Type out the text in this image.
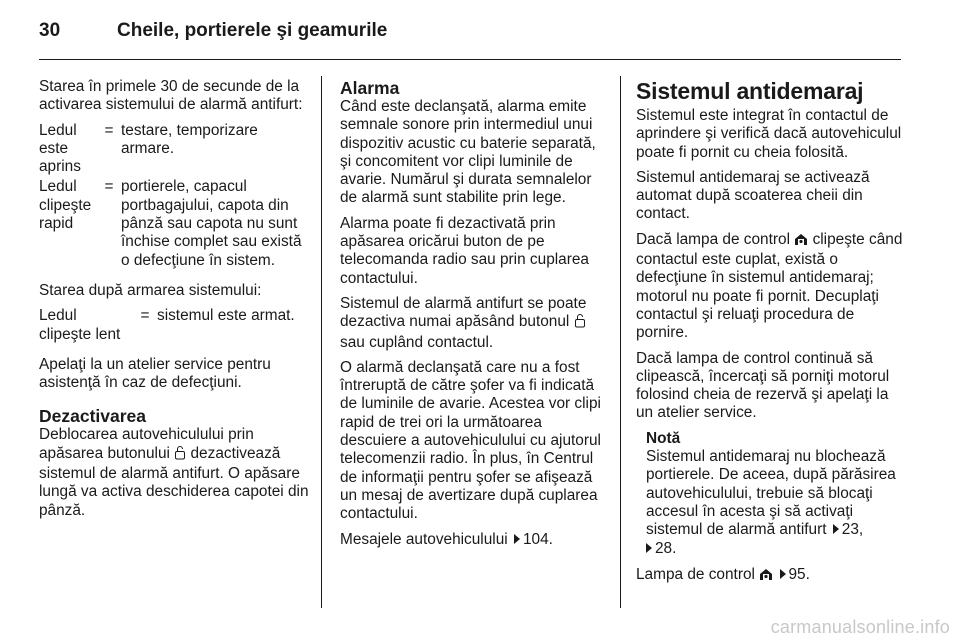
30	Cheile, portierele şi geamurile

Starea în primele 30 de secunde de la activarea sistemului de alarmă antifurt:

Ledul este aprins
= testare, temporizare armare.
Ledul clipeşte rapid
= portierele, capacul portbagajului, capota din pânză sau capota nu sunt închise complet sau există o defecţiune în sistem.

Starea după armarea sistemului:

Ledul clipeşte lent
= sistemul este armat.

Apelaţi la un atelier service pentru asistenţă în caz de defecţiuni.

Dezactivarea

Deblocarea autovehiculului prin apăsarea butonului dezactivează sistemul de alarmă antifurt. O apăsare lungă va activa deschiderea capotei din pânză.

Alarma

Când este declanşată, alarma emite semnale sonore prin intermediul unui dispozitiv acustic cu baterie separată, şi concomitent vor clipi luminile de avarie. Numărul şi durata semnalelor de alarmă sunt stabilite prin lege.

Alarma poate fi dezactivată prin apăsarea oricărui buton de pe telecomanda radio sau prin cuplarea contactului.

Sistemul de alarmă antifurt se poate dezactiva numai apăsând butonul  sau cuplând contactul.

O alarmă declanşată care nu a fost întreruptă de către şofer va fi indicată de luminile de avarie. Acestea vor clipi rapid de trei ori la următoarea descuiere a autovehiculului cu ajutorul telecomenzii radio. În plus, în Centrul de informaţii pentru şofer se afişează un mesaj de avertizare după cuplarea contactului.

Mesajele autovehiculului 104.

Sistemul antidemaraj

Sistemul este integrat în contactul de aprindere şi verifică dacă autovehiculul poate fi pornit cu cheia folosită.

Sistemul antidemaraj se activează automat după scoaterea cheii din contact.

Dacă lampa de control clipeşte când contactul este cuplat, există o defecţiune în sistemul antidemaraj; motorul nu poate fi pornit. Decuplaţi contactul şi reluaţi procedura de pornire.

Dacă lampa de control continuă să clipească, încercaţi să porniţi motorul folosind cheia de rezervă şi apelaţi la un atelier service.

Notă
Sistemul antidemaraj nu blochează portierele. De aceea, după părăsirea autovehiculului, trebuie să blocaţi accesul în acesta şi să activaţi sistemul de alarmă antifurt 23,
28.

Lampa de control 95.

carmanualsonline.info
